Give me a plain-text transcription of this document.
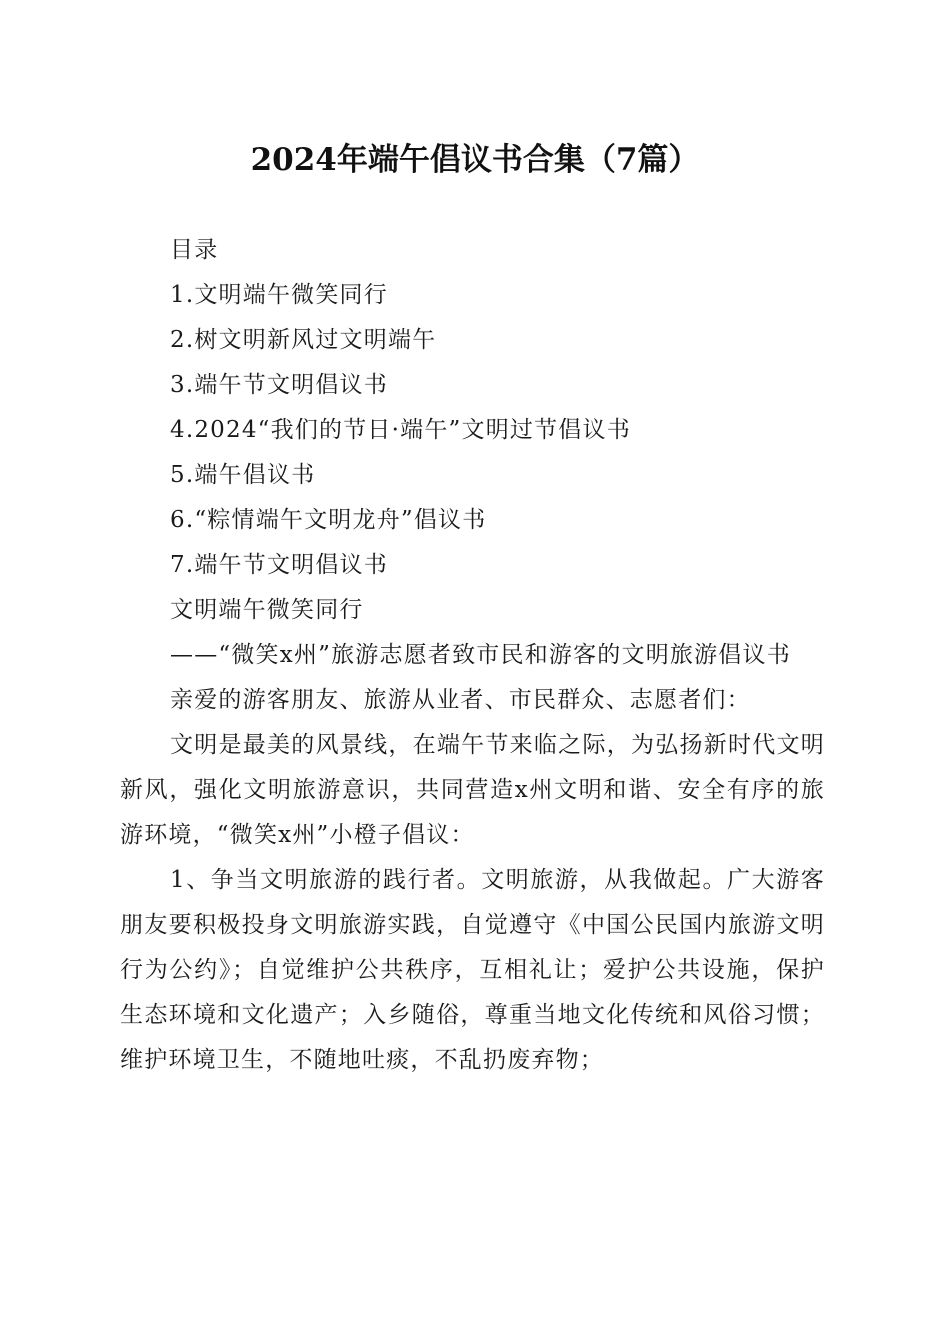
2024年端午倡议书合集（7篇）

目录

1.文明端午微笑同行

2.树文明新风过文明端午

3.端午节文明倡议书

4.2024“我们的节日·端午”文明过节倡议书

5.端午倡议书

6.“粽情端午文明龙舟”倡议书

7.端午节文明倡议书

文明端午微笑同行

——“微笑x州”旅游志愿者致市民和游客的文明旅游倡议书

亲爱的游客朋友、旅游从业者、市民群众、志愿者们：

文明是最美的风景线，在端午节来临之际，为弘扬新时代文明新风，强化文明旅游意识，共同营造x州文明和谐、安全有序的旅游环境，“微笑x州”小橙子倡议：

1、争当文明旅游的践行者。文明旅游，从我做起。广大游客朋友要积极投身文明旅游实践，自觉遵守《中国公民国内旅游文明行为公约》；自觉维护公共秩序，互相礼让；爱护公共设施，保护生态环境和文化遗产；入乡随俗，尊重当地文化传统和风俗习惯；维护环境卫生，不随地吐痰，不乱扔废弃物；
